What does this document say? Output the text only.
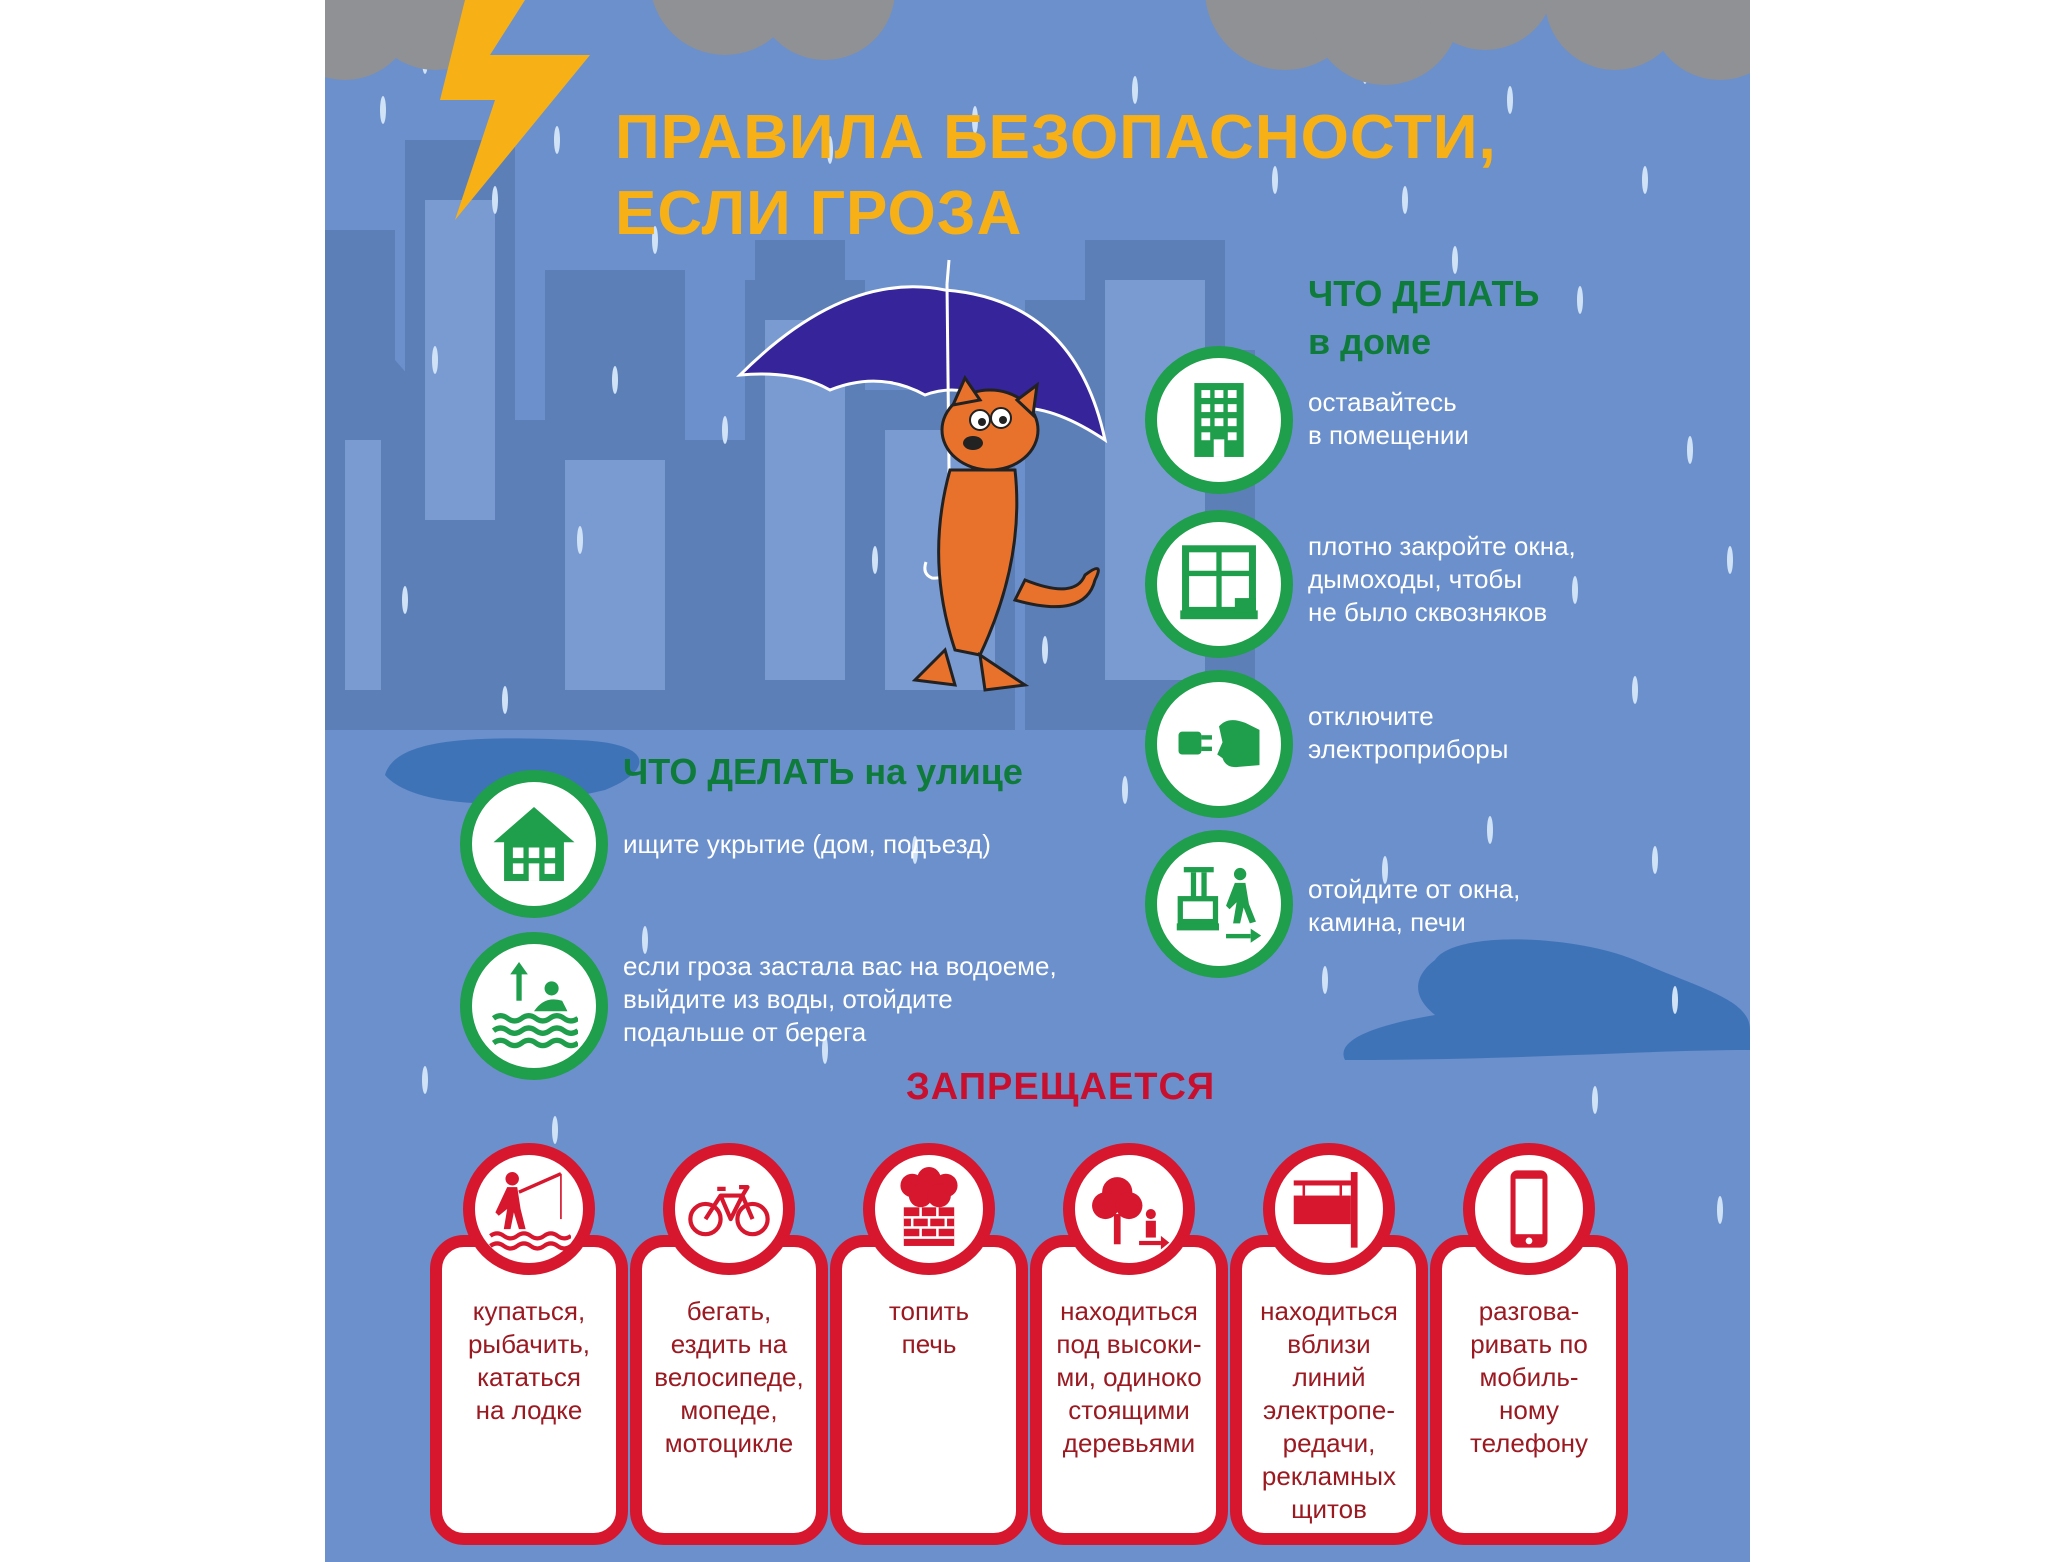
ПРАВИЛА БЕЗОПАСНОСТИ,
ЕСЛИ ГРОЗА
ЧТО ДЕЛАТЬ
в доме
оставайтесь
в помещении
плотно закройте окна,
дымоходы, чтобы
не было сквозняков
отключите
электроприборы
отойдите от окна,
камина, печи
ЧТО ДЕЛАТЬ на улице
ищите укрытие (дом, подъезд)
если гроза застала вас на водоеме,
выйдите из воды, отойдите
подальше от берега
ЗАПРЕЩАЕТСЯ
купаться,
рыбачить,
кататься
на лодке
бегать,
ездить на
велосипеде,
мопеде,
мотоцикле
топить
печь
находиться
под высоки-
ми, одиноко
стоящими
деревьями
находиться
вблизи
линий
электропе-
редачи,
рекламных
щитов
разгова-
ривать по
мобиль-
ному
телефону
